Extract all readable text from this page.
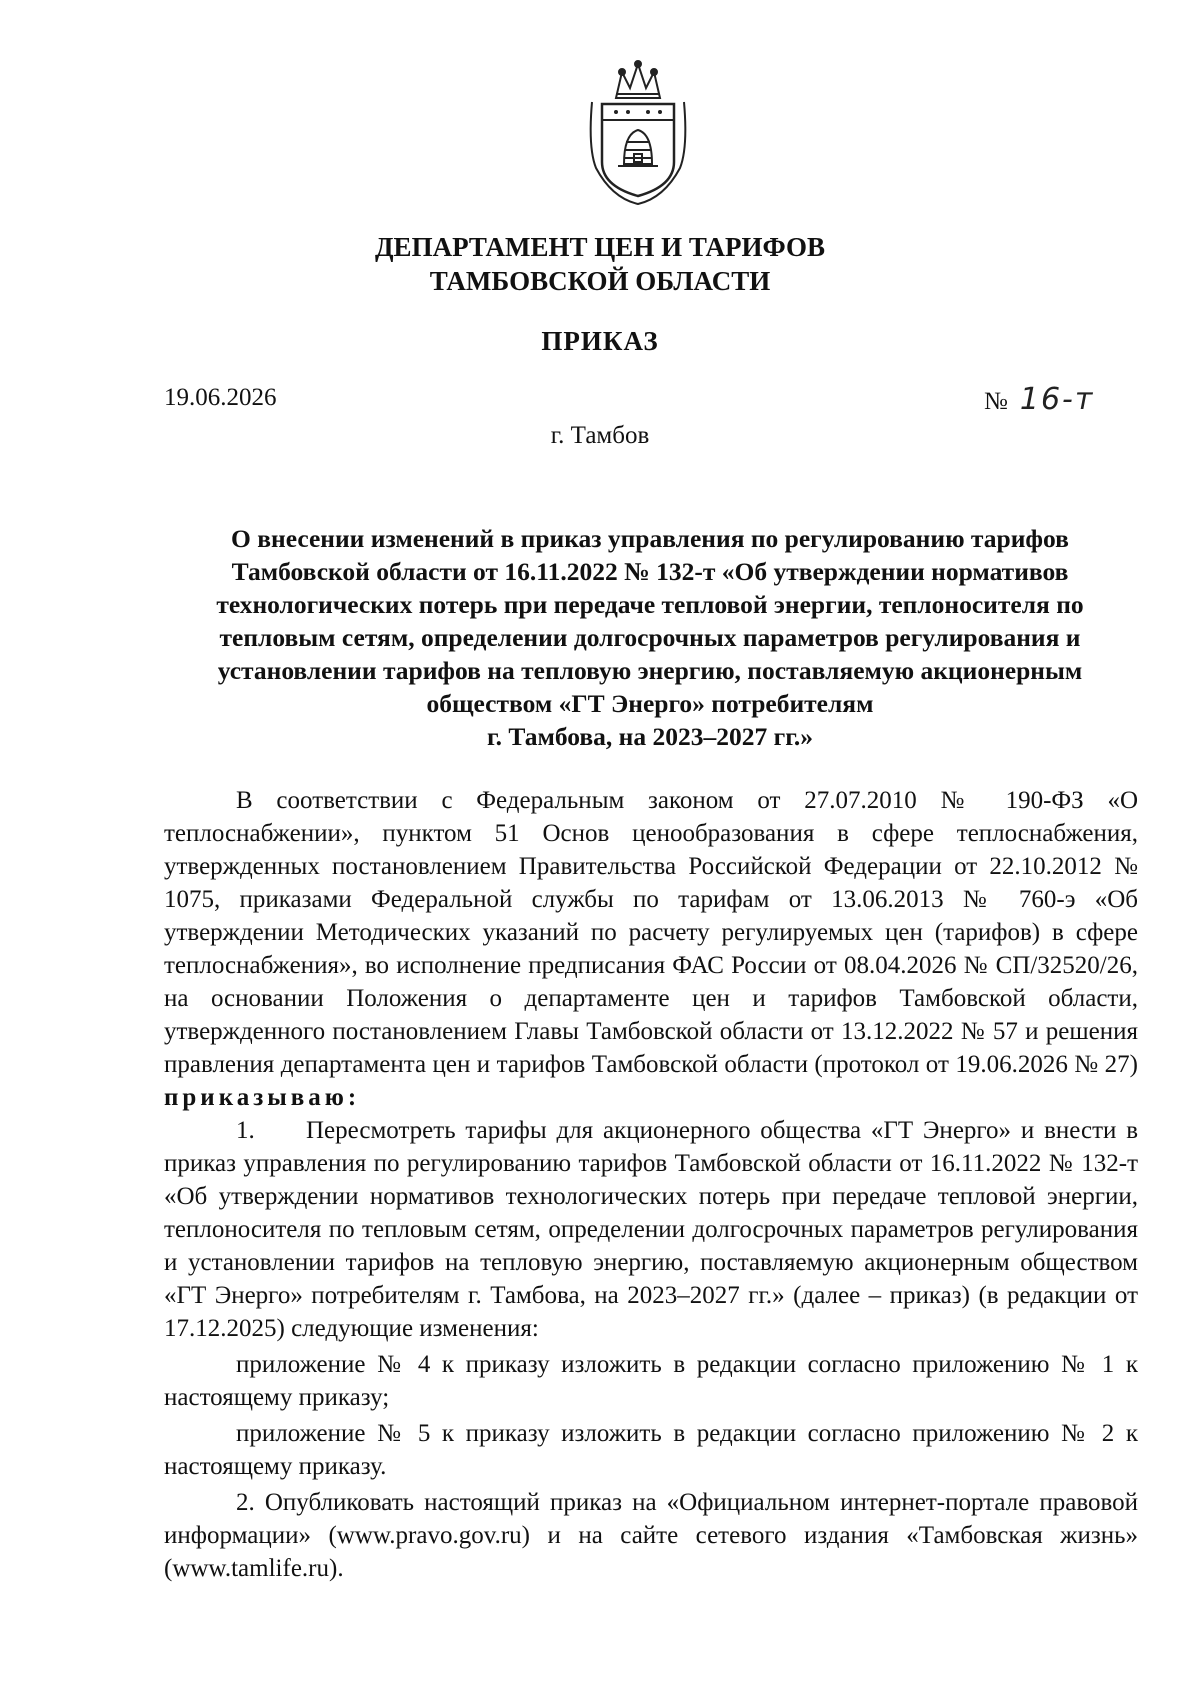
ДЕПАРТАМЕНТ ЦЕН И ТАРИФОВ
ТАМБОВСКОЙ ОБЛАСТИ
ПРИКАЗ
19.06.2026	№ 16-т
г. Тамбов
О внесении изменений в приказ управления по регулированию тарифов
Тамбовской области от 16.11.2022 № 132-т «Об утверждении нормативов
технологических потерь при передаче тепловой энергии, теплоносителя по
тепловым сетям, определении долгосрочных параметров регулирования и
установлении тарифов на тепловую энергию, поставляемую акционерным
обществом «ГТ Энерго» потребителям
г. Тамбова, на 2023–2027 гг.»

В соответствии с Федеральным законом от 27.07.2010 № 190-ФЗ «О теплоснабжении», пунктом 51 Основ ценообразования в сфере теплоснабжения, утвержденных постановлением Правительства Российской Федерации от 22.10.2012 № 1075, приказами Федеральной службы по тарифам от 13.06.2013 № 760-э «Об утверждении Методических указаний по расчету регулируемых цен (тарифов) в сфере теплоснабжения», во исполнение предписания ФАС России от 08.04.2026 № СП/32520/26, на основании Положения о департаменте цен и тарифов Тамбовской области, утвержденного постановлением Главы Тамбовской области от 13.12.2022 № 57 и решения правления департамента цен и тарифов Тамбовской области (протокол от 19.06.2026 № 27) приказываю:

1. Пересмотреть тарифы для акционерного общества «ГТ Энерго» и внести в приказ управления по регулированию тарифов Тамбовской области от 16.11.2022 № 132-т «Об утверждении нормативов технологических потерь при передаче тепловой энергии, теплоносителя по тепловым сетям, определении долгосрочных параметров регулирования и установлении тарифов на тепловую энергию, поставляемую акционерным обществом «ГТ Энерго» потребителям г. Тамбова, на 2023–2027 гг.» (далее – приказ) (в редакции от 17.12.2025) следующие изменения:

приложение № 4 к приказу изложить в редакции согласно приложению № 1 к настоящему приказу;

приложение № 5 к приказу изложить в редакции согласно приложению № 2 к настоящему приказу.

2. Опубликовать настоящий приказ на «Официальном интернет-портале правовой информации» (www.pravo.gov.ru) и на сайте сетевого издания «Тамбовская жизнь» (www.tamlife.ru).
